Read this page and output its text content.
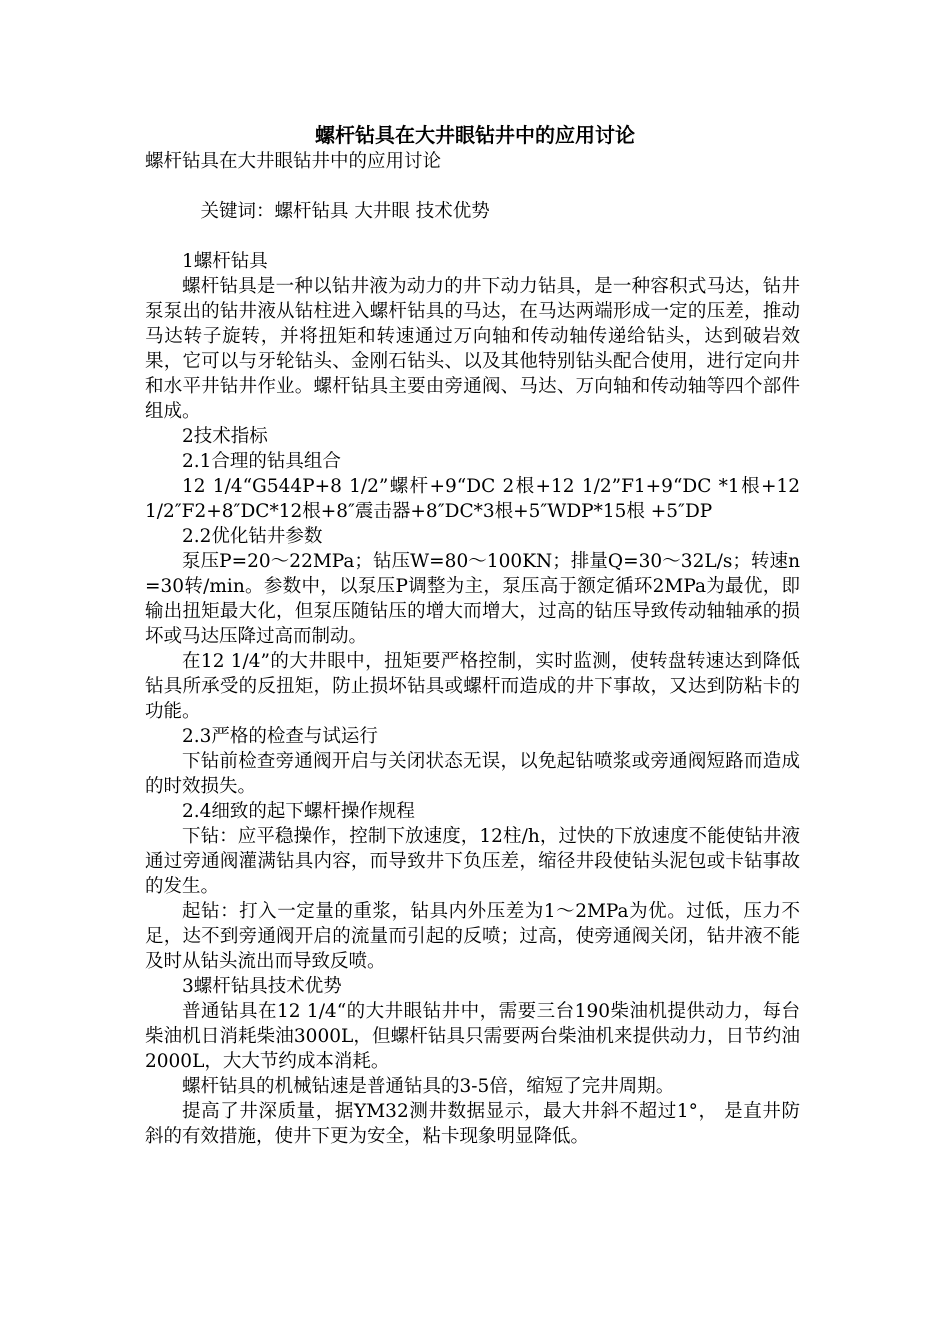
螺杆钻具在大井眼钻井中的应用讨论

螺杆钻具在大井眼钻井中的应用讨论

关键词：螺杆钻具 大井眼 技术优势

1螺杆钻具

螺杆钻具是一种以钻井液为动力的井下动力钻具，是一种容积式马达，钻井泵泵出的钻井液从钻柱进入螺杆钻具的马达，在马达两端形成一定的压差，推动马达转子旋转，并将扭矩和转速通过万向轴和传动轴传递给钻头，达到破岩效果，它可以与牙轮钻头、金刚石钻头、以及其他特别钻头配合使用，进行定向井和水平井钻井作业。螺杆钻具主要由旁通阀、马达、万向轴和传动轴等四个部件组成。

2技术指标

2.1合理的钻具组合

12 1/4“G544P+8 1/2”螺杆+9“DC 2根+12 1/2”F1+9“DC *1根+12 1/2″F2+8″DC*12根+8″震击器+8″DC*3根+5″WDP*15根 +5″DP

2.2优化钻井参数

泵压P=20～22MPa；钻压W=80～100KN；排量Q=30～32L/s；转速n=30转/min。参数中，以泵压P调整为主，泵压高于额定循环2MPa为最优，即输出扭矩最大化，但泵压随钻压的增大而增大，过高的钻压导致传动轴轴承的损坏或马达压降过高而制动。

在12 1/4”的大井眼中，扭矩要严格控制，实时监测，使转盘转速达到降低钻具所承受的反扭矩，防止损坏钻具或螺杆而造成的井下事故，又达到防粘卡的功能。

2.3严格的检查与试运行

下钻前检查旁通阀开启与关闭状态无误，以免起钻喷浆或旁通阀短路而造成的时效损失。

2.4细致的起下螺杆操作规程

下钻：应平稳操作，控制下放速度，12柱/h，过快的下放速度不能使钻井液通过旁通阀灌满钻具内容，而导致井下负压差，缩径井段使钻头泥包或卡钻事故的发生。

起钻：打入一定量的重浆，钻具内外压差为1～2MPa为优。过低，压力不足，达不到旁通阀开启的流量而引起的反喷；过高，使旁通阀关闭，钻井液不能及时从钻头流出而导致反喷。

3螺杆钻具技术优势

普通钻具在12 1/4“的大井眼钻井中，需要三台190柴油机提供动力，每台柴油机日消耗柴油3000L，但螺杆钻具只需要两台柴油机来提供动力，日节约油2000L，大大节约成本消耗。

螺杆钻具的机械钻速是普通钻具的3-5倍，缩短了完井周期。

提高了井深质量，据YM32测井数据显示，最大井斜不超过1°， 是直井防斜的有效措施，使井下更为安全，粘卡现象明显降低。
